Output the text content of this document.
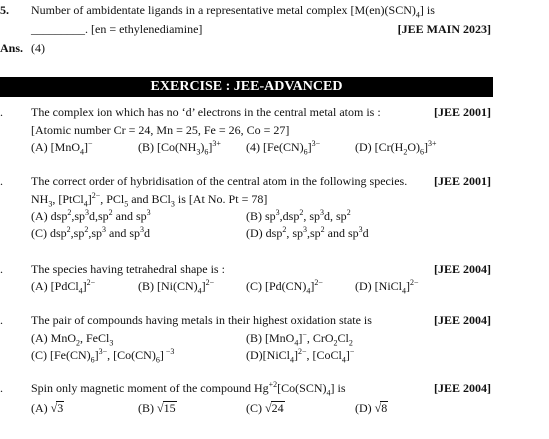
5. Number of ambidentate ligands in a representative metal complex $[M(en)(SCN)_4]$ is
_________. [en = ethylenediamine]	[JEE MAIN 2023]
Ans. (4)
EXERCISE : JEE-ADVANCED
. The complex ion which has no ‘d’ electrons in the central metal atom is :	[JEE 2001]
[Atomic number Cr = 24, Mn = 25, Fe = 26, Co = 27]
(A) [MnO$_4$]−	(B) $[Co(NH_3)_6]^{3+}$ (4) $[Fe(CN)_6]^{3-}$	(D) $[Cr(H_2O)_6]^{3+}$
. The correct order of hybridisation of the central atom in the following species. [JEE 2001]
$NH_3$, [PtCl$_4$]$^{2-}$, PCl$_5$ and BCl$_3$ is [At No. Pt = 78]
(A) $dsp^2,sp^3d,sp^2$ and $sp^3$	(B) $sp^3,dsp^2$, $sp^3d$, $sp^2$
(C) $dsp^2,sp^2,sp^3$ and $sp^3d$	(D) dsp$^2$, $sp^3,sp^2$ and $sp^3d$
. The species having tetrahedral shape is :	[JEE 2004]
(A) [PdCl$_4$]$^{2-}$	(B) $[Ni(CN)_4]^{2-}$	(C) $[Pd(CN)_4]^{2-}$	(D) [NiCl$_4$]$^{2-}$
. The pair of compounds having metals in their highest oxidation state is	[JEE 2004]
(A) MnO$_2$, FeCl$_3$	(B) [MnO$_4$]−, $CrO_2Cl_2$
(C) $[Fe(CN)_6]^{3-}$, $[Co(CN)_6]$ $^{-3}$	(D)[NiCl$_4$]$^{2-}$, [CoCl$_4$]−
. Spin only magnetic moment of the compound $Hg^{+2}[Co(SCN)_4]$ is	[JEE 2004]
(A) √3	(B) √15	(C) √24	(D) √8
